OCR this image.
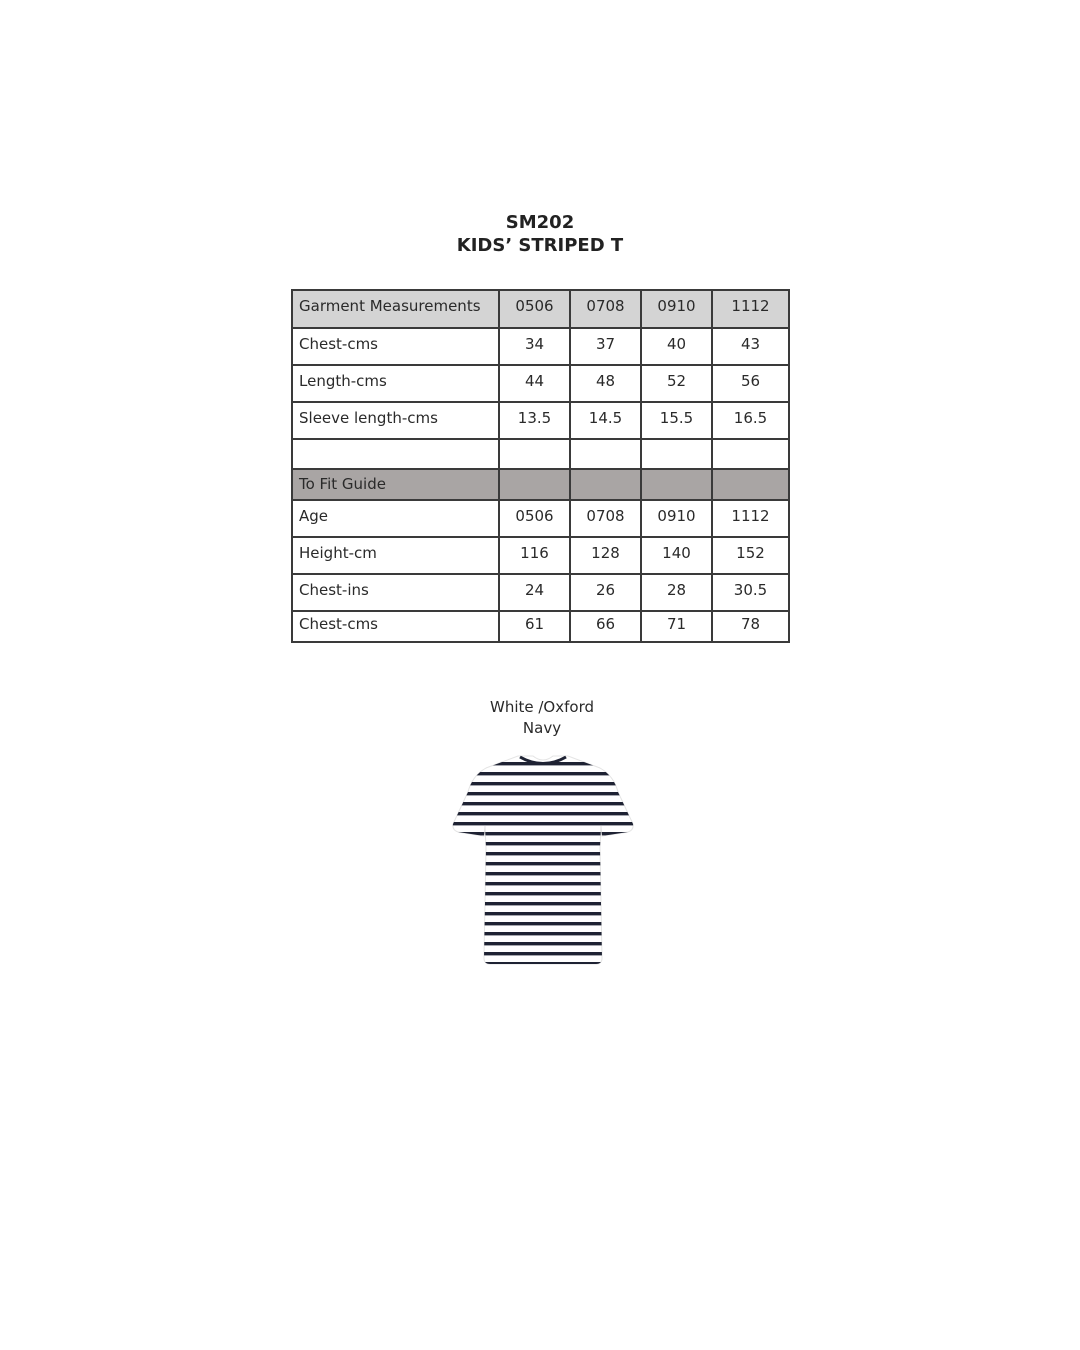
SM202
KIDS’ STRIPED T
Garment Measurements	0506	0708	0910	1112
Chest-cms	34	37	40	43
Length-cms	44	48	52	56
Sleeve length-cms	13.5	14.5	15.5	16.5

To Fit Guide				
Age	0506	0708	0910	1112
Height-cm	116	128	140	152
Chest-ins	24	26	28	30.5
Chest-cms	61	66	71	78
White /Oxford
Navy
